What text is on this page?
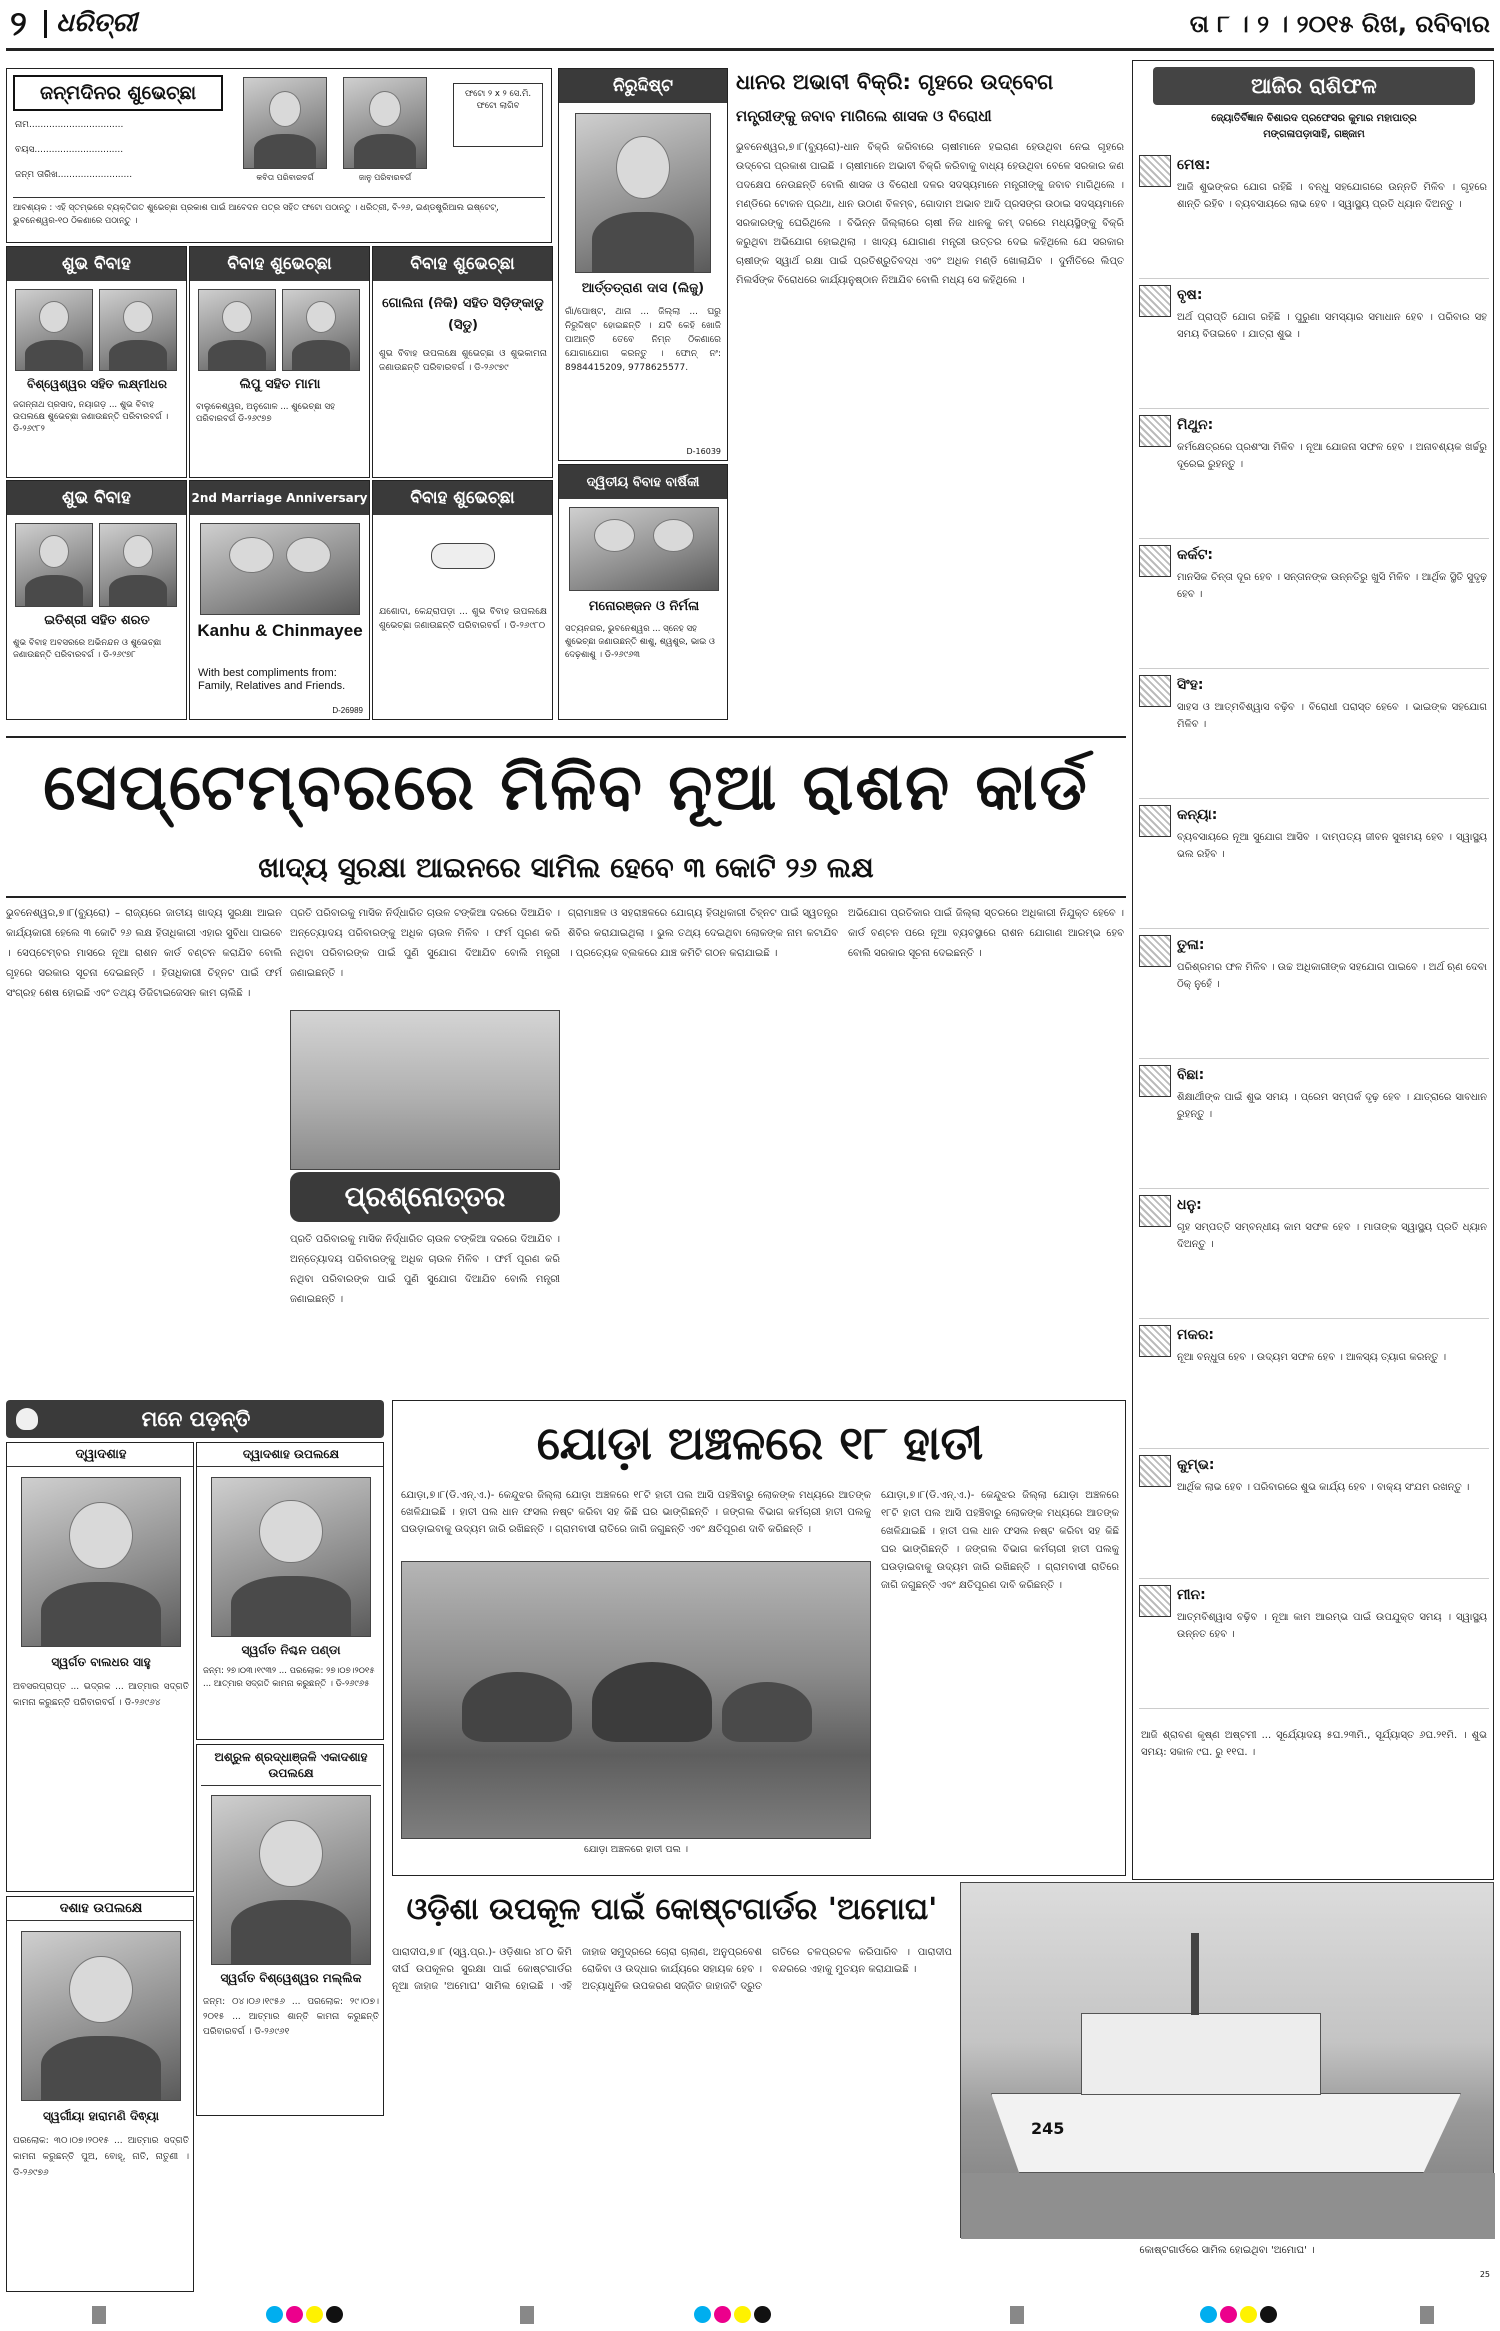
୨ ଧରିତ୍ରୀ	ତା ୮ । ୨ । ୨୦୧୫ ରିଖ, ରବିବାର
ଜନ୍ମଦିନର ଶୁଭେଚ୍ଛା
ନାମ.................................
ବୟସ...............................
ଜନ୍ମ ତାରିଖ..........................	କବିତା ପରିବାରବର୍ଗ	ଜାନୁ ପରିବାରବର୍ଗ
ଫଟୋ ୨ x ୨ ସେ.ମି. ଫଟୋ ଲାଗିବ
ଆବଶ୍ୟକ : ଏହି ସ୍ତମ୍ଭରେ ବ୍ୟକ୍ତିଗତ ଶୁଭେଚ୍ଛା ପ୍ରକାଶ ପାଇଁ ଆବେଦନ ପତ୍ର ସହିତ ଫଟୋ ପଠାନ୍ତୁ । ଧରିତ୍ରୀ, ବି-୨୬, ଇଣ୍ଡଷ୍ଟ୍ରିଆଲ ଇଷ୍ଟେଟ୍, ଭୁବନେଶ୍ୱର-୧୦ ଠିକଣାରେ ପଠାନ୍ତୁ ।
ନିରୁଦ୍ଦିଷ୍ଟ
ଆର୍ତ୍ତତ୍ରାଣ ଦାସ (ଲିଜୁ)
ଗାଁ/ପୋଷ୍ଟ, ଥାନା ... ଜିଲ୍ଲା ... ଘରୁ ନିରୁଦ୍ଦିଷ୍ଟ ହୋଇଛନ୍ତି । ଯଦି କେହି ଖୋଜି ପାଆନ୍ତି ତେବେ ନିମ୍ନ ଠିକଣାରେ ଯୋଗାଯୋଗ କରନ୍ତୁ । ଫୋନ୍ ନଂ: 8984415209, 9778625577.
D-16039
ଶୁଭ ବିବାହ
ବିଶ୍ୱେଶ୍ୱର ସହିତ ଲକ୍ଷ୍ମୀଧର
ଜଗନ୍ନାଥ ପ୍ରସାଦ, ନୟାଗଡ଼ ... ଶୁଭ ବିବାହ ଉପଲକ୍ଷେ ଶୁଭେଚ୍ଛା ଜଣାଉଛନ୍ତି ପରିବାରବର୍ଗ । ଡି-୨୬୯୮୨
ବିବାହ ଶୁଭେଚ୍ଛା
ଲିପୁ ସହିତ ମାମା
ବାଲୁକେଶ୍ୱର, ଅନୁଗୋଳ ... ଶୁଭେଚ୍ଛା ସହ ପରିବାରବର୍ଗ ଡି-୨୬୯୭୭
ବିବାହ ଶୁଭେଚ୍ଛା
ଗୋଲିନା (ନିକି) ସହିତ ସିଡ଼ିଙ୍କାଡୁ (ସିଡୁ)
ଶୁଭ ବିବାହ ଉପଲକ୍ଷେ ଶୁଭେଚ୍ଛା ଓ ଶୁଭକାମନା ଜଣାଉଛନ୍ତି ପରିବାରବର୍ଗ । ଡି-୨୬୯୭୯
ଶୁଭ ବିବାହ
ଇତିଶ୍ରୀ ସହିତ ଶରତ
ଶୁଭ ବିବାହ ଅବସରରେ ଅଭିନନ୍ଦନ ଓ ଶୁଭେଚ୍ଛା ଜଣାଉଛନ୍ତି ପରିବାରବର୍ଗ । ଡି-୨୬୯୭୮
2nd Marriage Anniversary
Kanhu & Chinmayee
With best compliments from: Family, Relatives and Friends.
D-26989
ବିବାହ ଶୁଭେଚ୍ଛା
ଯଶୋଦା, କେନ୍ଦ୍ରାପଡ଼ା ... ଶୁଭ ବିବାହ ଉପଲକ୍ଷେ ଶୁଭେଚ୍ଛା ଜଣାଉଛନ୍ତି ପରିବାରବର୍ଗ । ଡି-୨୬୯୮୦
ଦ୍ୱିତୀୟ ବିବାହ ବାର୍ଷିକୀ
ମନୋରଞ୍ଜନ ଓ ନିର୍ମଳା
ସତ୍ୟନଗର, ଭୁବନେଶ୍ୱର ... ସ୍ନେହ ସହ ଶୁଭେଚ୍ଛା ଜଣାଉଛନ୍ତି ଶାଶୁ, ଶ୍ୱଶୁର, ଭାଇ ଓ ଦେଢ଼ଶାଶୁ । ଡି-୨୬୯୬୩
ଧାନର ଅଭାବୀ ବିକ୍ରି: ଗୃହରେ ଉଦ୍‌ବେଗ
ମନ୍ତ୍ରୀଙ୍କୁ ଜବାବ ମାଗିଲେ ଶାସକ ଓ ବିରୋଧୀ
ଭୁବନେଶ୍ୱର,୭।୮(ବ୍ୟୁରୋ)-ଧାନ ବିକ୍ରି କରିବାରେ ଚାଷୀମାନେ ହଇରାଣ ହେଉଥିବା ନେଇ ଗୃହରେ ଉଦ୍‌ବେଗ ପ୍ରକାଶ ପାଇଛି । ଚାଷୀମାନେ ଅଭାବୀ ବିକ୍ରି କରିବାକୁ ବାଧ୍ୟ ହେଉଥିବା ବେଳେ ସରକାର କଣ ପଦକ୍ଷେପ ନେଉଛନ୍ତି ବୋଲି ଶାସକ ଓ ବିରୋଧୀ ଦଳର ସଦସ୍ୟମାନେ ମନ୍ତ୍ରୀଙ୍କୁ ଜବାବ ମାଗିଥିଲେ । ମଣ୍ଡିରେ ଟୋକନ ପ୍ରଥା, ଧାନ ଉଠାଣ ବିଳମ୍ବ, ଗୋଦାମ ଅଭାବ ଆଦି ପ୍ରସଙ୍ଗ ଉଠାଇ ସଦସ୍ୟମାନେ ସରକାରଙ୍କୁ ଘେରିଥିଲେ । ବିଭିନ୍ନ ଜିଲ୍ଲାରେ ଚାଷୀ ନିଜ ଧାନକୁ କମ୍ ଦରରେ ମଧ୍ୟସ୍ଥିଙ୍କୁ ବିକ୍ରି କରୁଥିବା ଅଭିଯୋଗ ହୋଇଥିଲା । ଖାଦ୍ୟ ଯୋଗାଣ ମନ୍ତ୍ରୀ ଉତ୍ତର ଦେଇ କହିଥିଲେ ଯେ ସରକାର ଚାଷୀଙ୍କ ସ୍ୱାର୍ଥ ରକ୍ଷା ପାଇଁ ପ୍ରତିଶ୍ରୁତିବଦ୍ଧ ଏବଂ ଅଧିକ ମଣ୍ଡି ଖୋଲାଯିବ । ଦୁର୍ନୀତିରେ ଲିପ୍ତ ମିଲର୍ସଙ୍କ ବିରୋଧରେ କାର୍ଯ୍ୟାନୁଷ୍ଠାନ ନିଆଯିବ ବୋଲି ମଧ୍ୟ ସେ କହିଥିଲେ ।
ଆଜିର ରାଶିଫଳ
ଜ୍ୟୋତିର୍ବିଜ୍ଞାନ ବିଶାରଦ ପ୍ରଫେସର କୁମାର ମହାପାତ୍ର
ମଙ୍ଗଳାପଡ଼ାସାହି, ଗଞ୍ଜାମ
ମେଷ:
ଆଜି ଶୁଭଙ୍କର ଯୋଗ ରହିଛି । ବନ୍ଧୁ ସହଯୋଗରେ ଉନ୍ନତି ମିଳିବ । ଗୃହରେ ଶାନ୍ତି ରହିବ । ବ୍ୟବସାୟରେ ଲାଭ ହେବ । ସ୍ୱାସ୍ଥ୍ୟ ପ୍ରତି ଧ୍ୟାନ ଦିଅନ୍ତୁ ।
ବୃଷ:
ଅର୍ଥ ପ୍ରାପ୍ତି ଯୋଗ ରହିଛି । ପୁରୁଣା ସମସ୍ୟାର ସମାଧାନ ହେବ । ପରିବାର ସହ ସମୟ ବିତାଇବେ । ଯାତ୍ରା ଶୁଭ ।
ମିଥୁନ:
କର୍ମକ୍ଷେତ୍ରରେ ପ୍ରଶଂସା ମିଳିବ । ନୂଆ ଯୋଜନା ସଫଳ ହେବ । ଅନାବଶ୍ୟକ ଖର୍ଚ୍ଚରୁ ଦୂରେଇ ରୁହନ୍ତୁ ।
କର୍କଟ:
ମାନସିକ ଚିନ୍ତା ଦୂର ହେବ । ସନ୍ତାନଙ୍କ ଉନ୍ନତିରୁ ଖୁସି ମିଳିବ । ଆର୍ଥିକ ସ୍ଥିତି ସୁଦୃଢ଼ ହେବ ।
ସିଂହ:
ସାହସ ଓ ଆତ୍ମବିଶ୍ୱାସ ବଢ଼ିବ । ବିରୋଧୀ ପରାସ୍ତ ହେବେ । ଭାଇଙ୍କ ସହଯୋଗ ମିଳିବ ।
କନ୍ୟା:
ବ୍ୟବସାୟରେ ନୂଆ ସୁଯୋଗ ଆସିବ । ଦାମ୍ପତ୍ୟ ଜୀବନ ସୁଖମୟ ହେବ । ସ୍ୱାସ୍ଥ୍ୟ ଭଲ ରହିବ ।
ତୁଳା:
ପରିଶ୍ରମର ଫଳ ମିଳିବ । ଉଚ୍ଚ ଅଧିକାରୀଙ୍କ ସହଯୋଗ ପାଇବେ । ଅର୍ଥ ଋଣ ଦେବା ଠିକ୍ ନୁହେଁ ।
ବିଛା:
ଶିକ୍ଷାର୍ଥୀଙ୍କ ପାଇଁ ଶୁଭ ସମୟ । ପ୍ରେମ ସମ୍ପର୍କ ଦୃଢ଼ ହେବ । ଯାତ୍ରାରେ ସାବଧାନ ରୁହନ୍ତୁ ।
ଧନୁ:
ଗୃହ ସମ୍ପତ୍ତି ସମ୍ବନ୍ଧୀୟ କାମ ସଫଳ ହେବ । ମାତାଙ୍କ ସ୍ୱାସ୍ଥ୍ୟ ପ୍ରତି ଧ୍ୟାନ ଦିଅନ୍ତୁ ।
ମକର:
ନୂଆ ବନ୍ଧୁତା ହେବ । ଉଦ୍ୟମ ସଫଳ ହେବ । ଆଳସ୍ୟ ତ୍ୟାଗ କରନ୍ତୁ ।
କୁମ୍ଭ:
ଆର୍ଥିକ ଲାଭ ହେବ । ପରିବାରରେ ଶୁଭ କାର୍ଯ୍ୟ ହେବ । ବାକ୍ୟ ସଂଯମ ରଖନ୍ତୁ ।
ମୀନ:
ଆତ୍ମବିଶ୍ୱାସ ବଢ଼ିବ । ନୂଆ କାମ ଆରମ୍ଭ ପାଇଁ ଉପଯୁକ୍ତ ସମୟ । ସ୍ୱାସ୍ଥ୍ୟ ଉନ୍ନତ ହେବ ।
ଆଜି ଶ୍ରାବଣ କୃଷ୍ଣ ଅଷ୍ଟମୀ ... ସୂର୍ଯ୍ୟୋଦୟ ୫ଘ.୨୩ମି., ସୂର୍ଯ୍ୟାସ୍ତ ୬ଘ.୨୧ମି. । ଶୁଭ ସମୟ: ସକାଳ ୯ଘ. ରୁ ୧୧ଘ. ।
ସେପ୍ଟେମ୍ବରରେ ମିଳିବ ନୂଆ ରାଶନ କାର୍ଡ
ଖାଦ୍ୟ ସୁରକ୍ଷା ଆଇନରେ ସାମିଲ ହେବେ ୩ କୋଟି ୨୬ ଲକ୍ଷ
ଭୁବନେଶ୍ୱର,୭।୮(ବ୍ୟୁରୋ) – ରାଜ୍ୟରେ ଜାତୀୟ ଖାଦ୍ୟ ସୁରକ୍ଷା ଆଇନ କାର୍ଯ୍ୟକାରୀ ହେଲେ ୩ କୋଟି ୨୬ ଲକ୍ଷ ହିତାଧିକାରୀ ଏହାର ସୁବିଧା ପାଇବେ । ସେପ୍ଟେମ୍ବର ମାସରେ ନୂଆ ରାଶନ କାର୍ଡ ବଣ୍ଟନ କରାଯିବ ବୋଲି ଗୃହରେ ସରକାର ସୂଚନା ଦେଇଛନ୍ତି । ହିତାଧିକାରୀ ଚିହ୍ନଟ ପାଇଁ ଫର୍ମ ସଂଗ୍ରହ ଶେଷ ହୋଇଛି ଏବଂ ତଥ୍ୟ ଡିଜିଟାଇଜେସନ କାମ ଚାଲିଛି ।
ପ୍ରଶ୍ନୋତ୍ତର
ପ୍ରତି ପରିବାରକୁ ମାସିକ ନିର୍ଦ୍ଧାରିତ ଚାଉଳ ଟଙ୍କିଆ ଦରରେ ଦିଆଯିବ । ଅନ୍ତ୍ୟୋଦୟ ପରିବାରଙ୍କୁ ଅଧିକ ଚାଉଳ ମିଳିବ । ଫର୍ମ ପୂରଣ କରି ନଥିବା ପରିବାରଙ୍କ ପାଇଁ ପୁଣି ସୁଯୋଗ ଦିଆଯିବ ବୋଲି ମନ୍ତ୍ରୀ ଜଣାଇଛନ୍ତି ।
ପ୍ରତି ପରିବାରକୁ ମାସିକ ନିର୍ଦ୍ଧାରିତ ଚାଉଳ ଟଙ୍କିଆ ଦରରେ ଦିଆଯିବ । ଅନ୍ତ୍ୟୋଦୟ ପରିବାରଙ୍କୁ ଅଧିକ ଚାଉଳ ମିଳିବ । ଫର୍ମ ପୂରଣ କରି ନଥିବା ପରିବାରଙ୍କ ପାଇଁ ପୁଣି ସୁଯୋଗ ଦିଆଯିବ ବୋଲି ମନ୍ତ୍ରୀ ଜଣାଇଛନ୍ତି ।
ଗ୍ରାମାଞ୍ଚଳ ଓ ସହରାଞ୍ଚଳରେ ଯୋଗ୍ୟ ହିତାଧିକାରୀ ଚିହ୍ନଟ ପାଇଁ ସ୍ୱତନ୍ତ୍ର ଶିବିର କରାଯାଇଥିଲା । ଭୁଲ ତଥ୍ୟ ଦେଇଥିବା ଲୋକଙ୍କ ନାମ କଟାଯିବ । ପ୍ରତ୍ୟେକ ବ୍ଲକରେ ଯାଞ୍ଚ କମିଟି ଗଠନ କରାଯାଇଛି ।
ଅଭିଯୋଗ ପ୍ରତିକାର ପାଇଁ ଜିଲ୍ଲା ସ୍ତରରେ ଅଧିକାରୀ ନିଯୁକ୍ତ ହେବେ । କାର୍ଡ ବଣ୍ଟନ ପରେ ନୂଆ ବ୍ୟବସ୍ଥାରେ ରାଶନ ଯୋଗାଣ ଆରମ୍ଭ ହେବ ବୋଲି ସରକାର ସୂଚନା ଦେଇଛନ୍ତି ।
ମନେ ପଡ଼ନ୍ତି
ଦ୍ୱାଦଶାହ
ସ୍ୱର୍ଗତ ବାଲଧର ସାହୁ
ଅବସରପ୍ରାପ୍ତ ... ଭଦ୍ରକ ... ଆତ୍ମାର ସଦ୍‌ଗତି କାମନା କରୁଛନ୍ତି ପରିବାରବର୍ଗ । ଡି-୨୬୯୬୪
ଦ୍ୱାଦଶାହ ଉପଲକ୍ଷେ
ସ୍ୱର୍ଗତ ନିଶ୍ଚନ ପଣ୍ଡା
ଜନ୍ମ: ୨୭।୦୩।୧୯୩୨ ... ପରଲୋକ: ୨୭।୦୭।୨୦୧୫ ... ଆତ୍ମାର ସଦ୍‌ଗତି କାମନା କରୁଛନ୍ତି । ଡି-୨୬୯୬୫
ଅଶ୍ରୁଳ ଶ୍ରଦ୍ଧାଞ୍ଜଳି ଏକାଦଶାହ ଉପଲକ୍ଷେ
ସ୍ୱର୍ଗତ ବିଶ୍ୱେଶ୍ୱର ମଲ୍ଲିକ
ଜନ୍ମ: ୦୪।୦୬।୧୯୫୬ ... ପରଲୋକ: ୨୯।୦୭।୨୦୧୫ ... ଆତ୍ମାର ଶାନ୍ତି କାମନା କରୁଛନ୍ତି ପରିବାରବର୍ଗ । ଡି-୨୬୯୬୧
ଦଶାହ ଉପଲକ୍ଷେ
ସ୍ୱର୍ଗୀୟା ହାରାମଣି ଦିଵ୍ୟା
ପରଲୋକ: ୩୦।୦୭।୨୦୧୫ ... ଆତ୍ମାର ସଦ୍‌ଗତି କାମନା କରୁଛନ୍ତି ପୁଅ, ବୋହୂ, ନାତି, ନାତୁଣୀ । ଡି-୨୬୯୭୬
ଯୋଡ଼ା ଅଞ୍ଚଳରେ ୧୮ ହାତୀ
ଯୋଡ଼ା,୭।୮(ଡି.ଏନ୍.ଏ.)- କେନ୍ଦୁଝର ଜିଲ୍ଲା ଯୋଡ଼ା ଅଞ୍ଚଳରେ ୧୮ଟି ହାତୀ ପଲ ଆସି ପହଞ୍ଚିବାରୁ ଲୋକଙ୍କ ମଧ୍ୟରେ ଆତଙ୍କ ଖେଳିଯାଇଛି । ହାତୀ ପଲ ଧାନ ଫସଲ ନଷ୍ଟ କରିବା ସହ କିଛି ଘର ଭାଙ୍ଗିଛନ୍ତି । ଜଙ୍ଗଲ ବିଭାଗ କର୍ମଚାରୀ ହାତୀ ପଲକୁ ଘଉଡ଼ାଇବାକୁ ଉଦ୍ୟମ ଜାରି ରଖିଛନ୍ତି । ଗ୍ରାମବାସୀ ରାତିରେ ଜାଗି ଜଗୁଛନ୍ତି ଏବଂ କ୍ଷତିପୂରଣ ଦାବି କରିଛନ୍ତି ।
ଯୋଡ଼ା ଅଞ୍ଚଳରେ ହାତୀ ପଲ ।
ଯୋଡ଼ା,୭।୮(ଡି.ଏନ୍.ଏ.)- କେନ୍ଦୁଝର ଜିଲ୍ଲା ଯୋଡ଼ା ଅଞ୍ଚଳରେ ୧୮ଟି ହାତୀ ପଲ ଆସି ପହଞ୍ଚିବାରୁ ଲୋକଙ୍କ ମଧ୍ୟରେ ଆତଙ୍କ ଖେଳିଯାଇଛି । ହାତୀ ପଲ ଧାନ ଫସଲ ନଷ୍ଟ କରିବା ସହ କିଛି ଘର ଭାଙ୍ଗିଛନ୍ତି । ଜଙ୍ଗଲ ବିଭାଗ କର୍ମଚାରୀ ହାତୀ ପଲକୁ ଘଉଡ଼ାଇବାକୁ ଉଦ୍ୟମ ଜାରି ରଖିଛନ୍ତି । ଗ୍ରାମବାସୀ ରାତିରେ ଜାଗି ଜଗୁଛନ୍ତି ଏବଂ କ୍ଷତିପୂରଣ ଦାବି କରିଛନ୍ତି ।
ଓଡ଼ିଶା ଉପକୂଳ ପାଇଁ କୋଷ୍ଟଗାର୍ଡର 'ଅମୋଘ'
ପାରାଦୀପ,୭।୮ (ସ୍ୱ.ପ୍ର.)- ଓଡ଼ିଶାର ୪୮୦ କିମି ଦୀର୍ଘ ଉପକୂଳର ସୁରକ୍ଷା ପାଇଁ କୋଷ୍ଟଗାର୍ଡର ନୂଆ ଜାହାଜ 'ଅମୋଘ' ସାମିଲ ହୋଇଛି । ଏହି ଜାହାଜ ସମୁଦ୍ରରେ ଚୋରା ଚାଲାଣ, ଅନୁପ୍ରବେଶ ରୋକିବା ଓ ଉଦ୍ଧାର କାର୍ଯ୍ୟରେ ସହାୟକ ହେବ । ଅତ୍ୟାଧୁନିକ ଉପକରଣ ସଜ୍ଜିତ ଜାହାଜଟି ଦ୍ରୁତ ଗତିରେ ଚଳପ୍ରଚଳ କରିପାରିବ । ପାରାଦୀପ ବନ୍ଦରରେ ଏହାକୁ ମୁତୟନ କରାଯାଇଛି ।
245
କୋଷ୍ଟଗାର୍ଡରେ ସାମିଲ ହୋଇଥିବା 'ଅମୋଘ' ।
25
